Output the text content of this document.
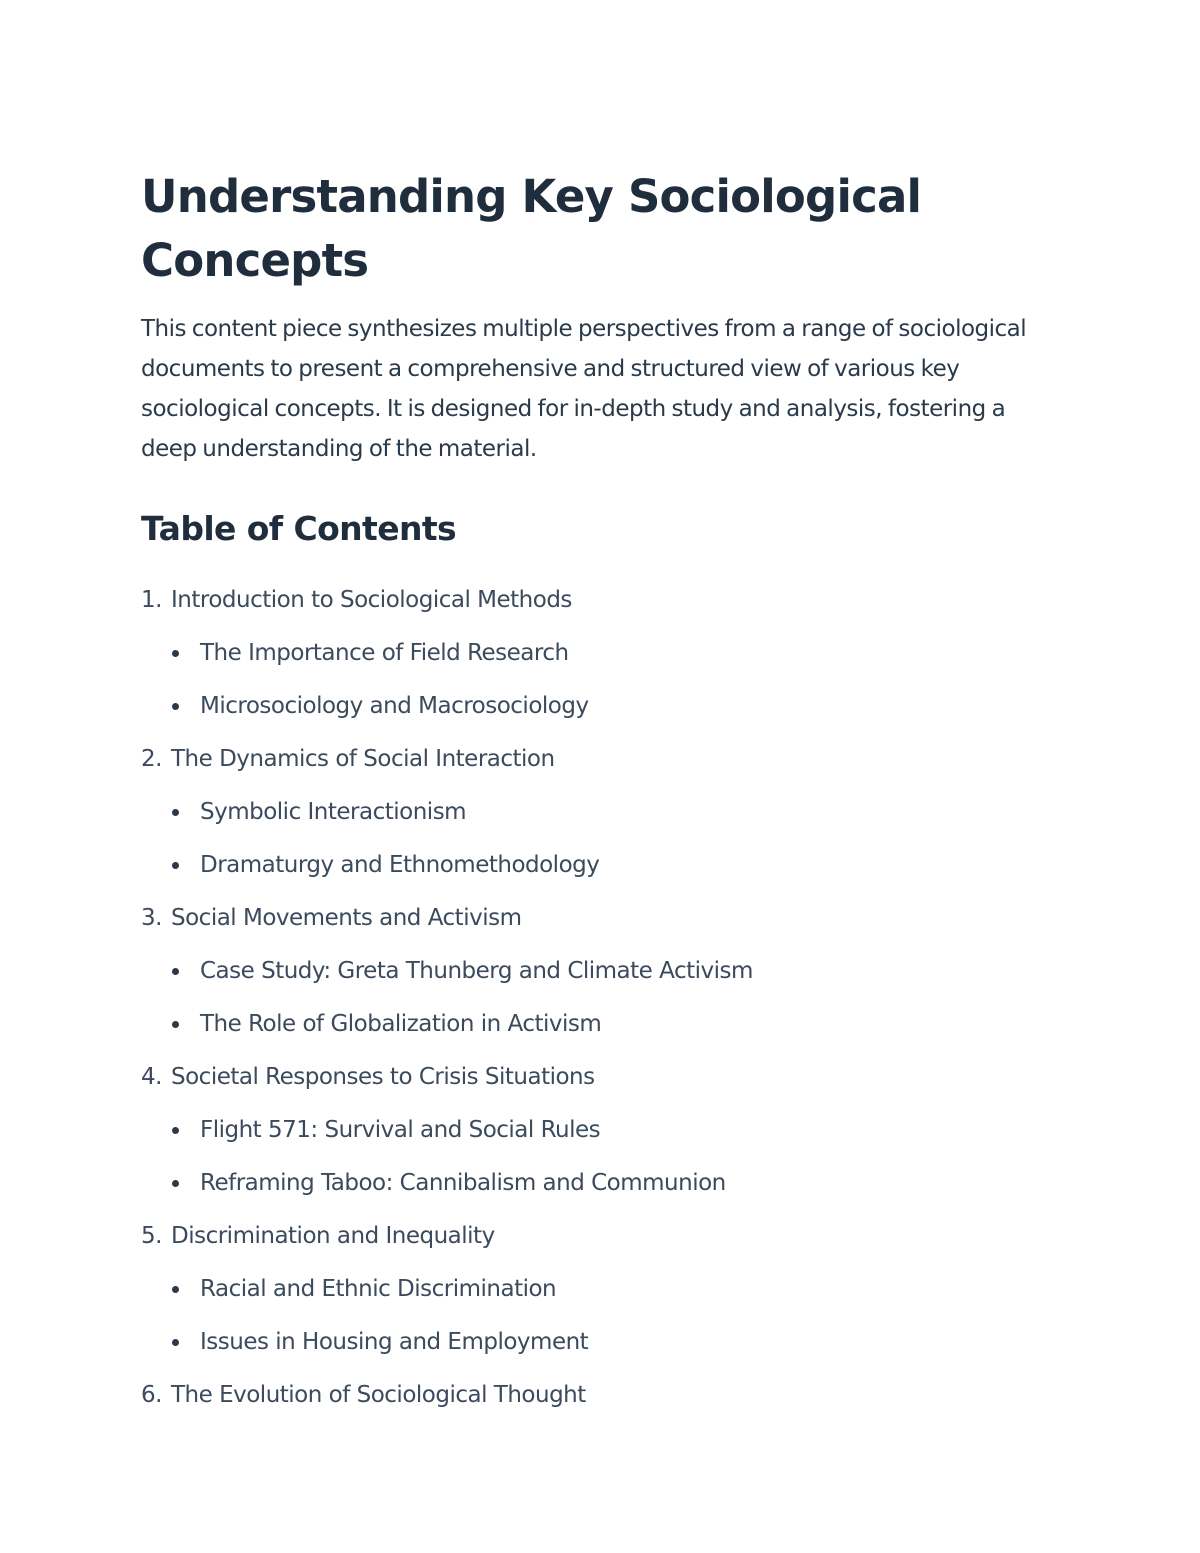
Understanding Key Sociological Concepts

This content piece synthesizes multiple perspectives from a range of sociological documents to present a comprehensive and structured view of various key sociological concepts. It is designed for in-depth study and analysis, fostering a deep understanding of the material.

Table of Contents
1. Introduction to Sociological Methods
The Importance of Field Research
Microsociology and Macrosociology
2. The Dynamics of Social Interaction
Symbolic Interactionism
Dramaturgy and Ethnomethodology
3. Social Movements and Activism
Case Study: Greta Thunberg and Climate Activism
The Role of Globalization in Activism
4. Societal Responses to Crisis Situations
Flight 571: Survival and Social Rules
Reframing Taboo: Cannibalism and Communion
5. Discrimination and Inequality
Racial and Ethnic Discrimination
Issues in Housing and Employment
6. The Evolution of Sociological Thought
